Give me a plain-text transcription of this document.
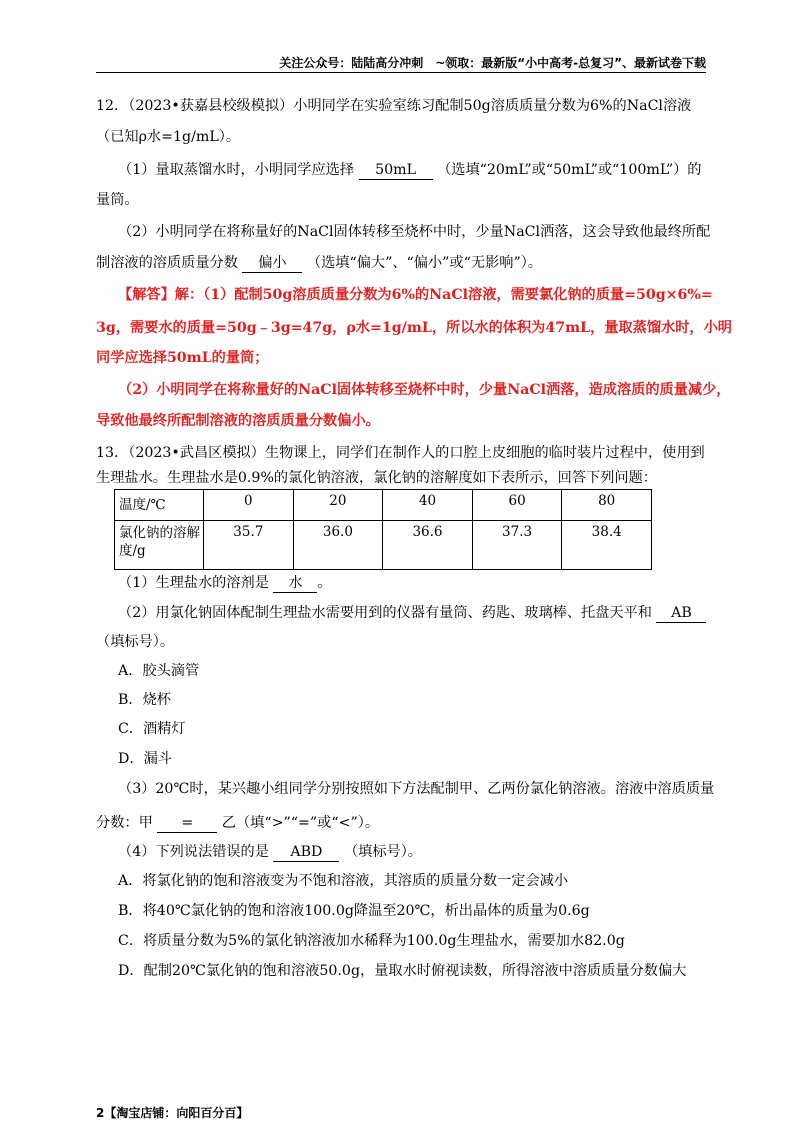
关注公众号：陆陆高分冲刺　~领取：最新版“小中高考-总复习”、最新试卷下载
12．（2023•获嘉县校级模拟）小明同学在实验室练习配制50g溶质质量分数为6%的NaCl溶液
（已知ρ水=1g/mL）。
（1）量取蒸馏水时，小明同学应选择 50mL （选填“20mL”或“50mL”或“100mL”）的
量筒。
（2）小明同学在将称量好的NaCl固体转移至烧杯中时，少量NaCl洒落，这会导致他最终所配
制溶液的溶质质量分数 偏小 （选填“偏大”、“偏小”或“无影响”）。
【解答】解：（1）配制50g溶质质量分数为6%的NaCl溶液，需要氯化钠的质量=50g×6%=
3g，需要水的质量=50g﹣3g=47g，ρ水=1g/mL，所以水的体积为47mL，量取蒸馏水时，小明
同学应选择50mL的量筒；
（2）小明同学在将称量好的NaCl固体转移至烧杯中时，少量NaCl洒落，造成溶质的质量减少，
导致他最终所配制溶液的溶质质量分数偏小。
13．（2023•武昌区模拟）生物课上，同学们在制作人的口腔上皮细胞的临时装片过程中，使用到
生理盐水。生理盐水是0.9%的氯化钠溶液，氯化钠的溶解度如下表所示，回答下列问题：
温度/℃	0	20	40	60	80
氯化钠的溶解度/g	35.7	36.0	36.6	37.3	38.4
（1）生理盐水的溶剂是 水 。
（2）用氯化钠固体配制生理盐水需要用到的仪器有量筒、药匙、玻璃棒、托盘天平和 AB
（填标号）。
A．胶头滴管
B．烧杯
C．酒精灯
D．漏斗
（3）20℃时，某兴趣小组同学分别按照如下方法配制甲、乙两份氯化钠溶液。溶液中溶质质量
分数：甲 = 乙（填“>”“=”或“<”）。
（4）下列说法错误的是 ABD （填标号）。
A．将氯化钠的饱和溶液变为不饱和溶液，其溶质的质量分数一定会减小
B．将40℃氯化钠的饱和溶液100.0g降温至20℃，析出晶体的质量为0.6g
C．将质量分数为5%的氯化钠溶液加水稀释为100.0g生理盐水，需要加水82.0g
D．配制20℃氯化钠的饱和溶液50.0g，量取水时俯视读数，所得溶液中溶质质量分数偏大
2【淘宝店铺：向阳百分百】
